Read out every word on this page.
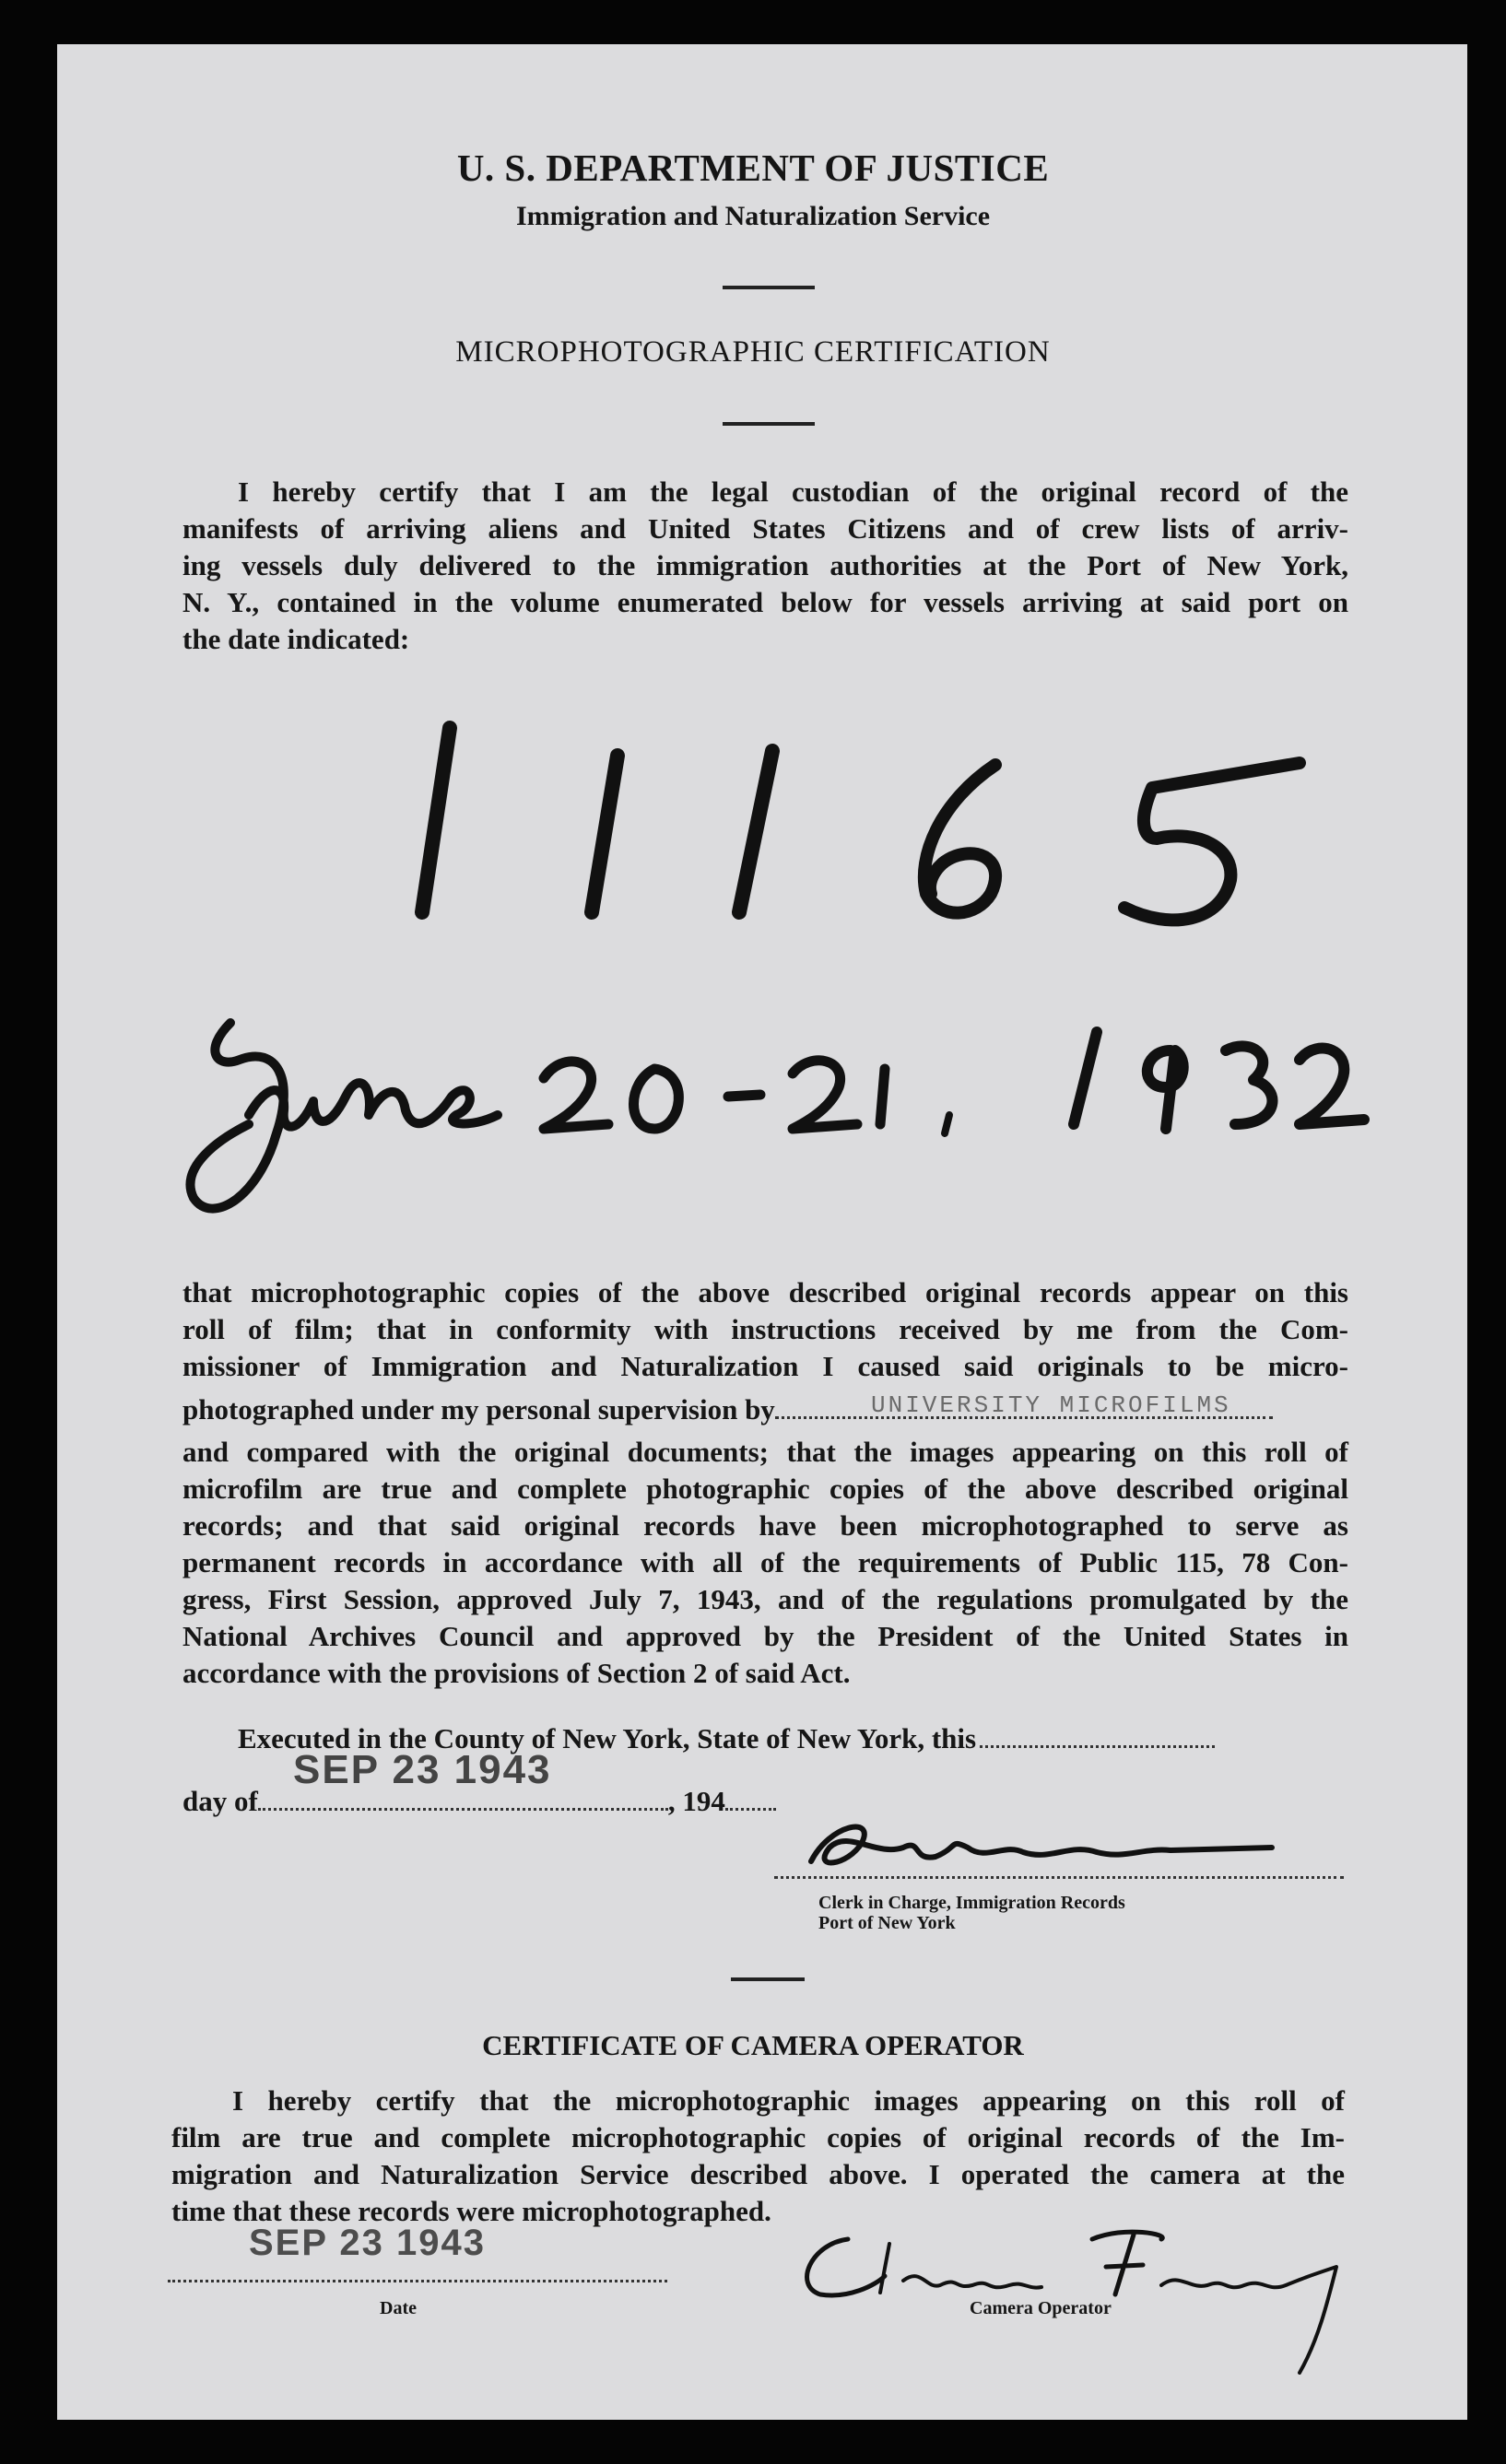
U. S. DEPARTMENT OF JUSTICE
Immigration and Naturalization Service
MICROPHOTOGRAPHIC CERTIFICATION
I hereby certify that I am the legal custodian of the original record of the
manifests of arriving aliens and United States Citizens and of crew lists of arriv-
ing vessels duly delivered to the immigration authorities at the Port of New York,
N. Y., contained in the volume enumerated below for vessels arriving at said port on
the date indicated:
that microphotographic copies of the above described original records appear on this
roll of film; that in conformity with instructions received by me from the Com-
missioner of Immigration and Naturalization I caused said originals to be micro-
photographed under my personal supervision by	UNIVERSITY MICROFILMS
and compared with the original documents; that the images appearing on this roll of
microfilm are true and complete photographic copies of the above described original
records; and that said original records have been microphotographed to serve as
permanent records in accordance with all of the requirements of Public 115, 78 Con-
gress, First Session, approved July 7, 1943, and of the regulations promulgated by the
National Archives Council and approved by the President of the United States in
accordance with the provisions of Section 2 of said Act.
Executed in the County of New York, State of New York, this
day of	, 194
SEP 23 1943
Clerk in Charge, Immigration Records
Port of New York
CERTIFICATE OF CAMERA OPERATOR
I hereby certify that the microphotographic images appearing on this roll of
film are true and complete microphotographic copies of original records of the Im-
migration and Naturalization Service described above. I operated the camera at the
time that these records were microphotographed.
SEP 23 1943
Date	Camera Operator
